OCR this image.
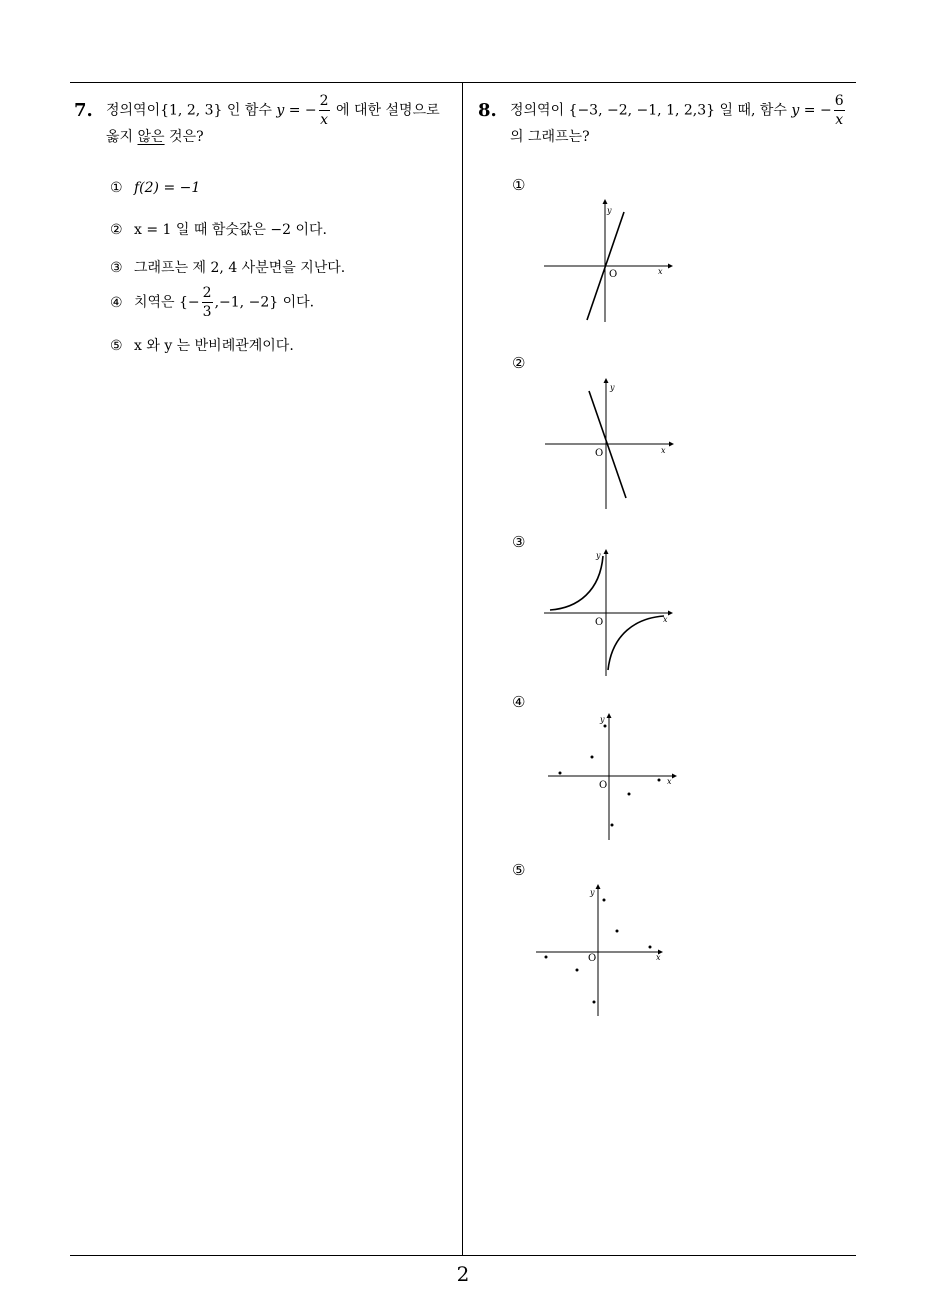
2
7. 정의역이{1, 2, 3} 인 함수 y = − $\frac{2}{x}$ 에 대한 설명으로
옳지 않은 것은?
① f(2) = −1
② x = 1 일 때 함숫값은 −2 이다.
③ 그래프는 제 2, 4 사분면을 지난다.
④ 치역은 {− $\frac{2}{3} ,-1$, −2} 이다.
⑤ x 와 y 는 반비례관계이다.
8. 정의역이 {−3, −2, −1, 1, 2,3} 일 때, 함수 y = − $\frac{6}{x}$
의 그래프는?
①
y
x
O
②
y
x
O
③
y
x
O
④
y
x
O
⑤
y
x
O
